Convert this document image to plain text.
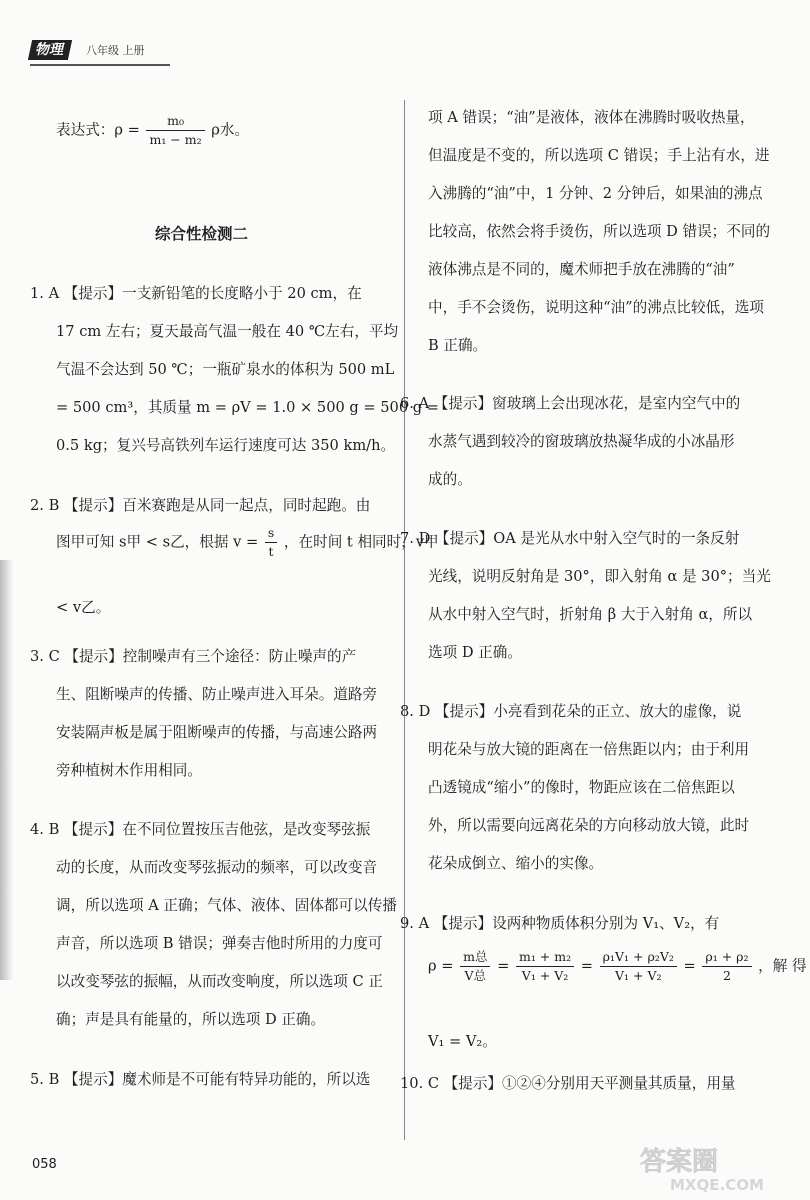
物理	八年级 上册
表达式：$\rho = \frac{\text{m₀}}{\text{m₁ − m₂}}$ ρ水。
综合性检测二
1. A 【提示】一支新铅笔的长度略小于 20 cm，在
17 cm 左右；夏天最高气温一般在 40 ℃左右，平均
气温不会达到 50 ℃；一瓶矿泉水的体积为 500 mL
= 500 cm³，其质量 m = ρV = 1.0 × 500 g = 500 g =
0.5 kg；复兴号高铁列车运行速度可达 350 km/h。
2. B 【提示】百米赛跑是从同一起点，同时起跑。由
图甲可知 s甲 < s乙，根据 $v = \frac{s}{t}$ ，在时间 t 相同时，v甲
< v乙。
3. C 【提示】控制噪声有三个途径：防止噪声的产
生、阻断噪声的传播、防止噪声进入耳朵。道路旁
安装隔声板是属于阻断噪声的传播，与高速公路两
旁种植树木作用相同。
4. B 【提示】在不同位置按压吉他弦，是改变琴弦振
动的长度，从而改变琴弦振动的频率，可以改变音
调，所以选项 A 正确；气体、液体、固体都可以传播
声音，所以选项 B 错误；弹奏吉他时所用的力度可
以改变琴弦的振幅，从而改变响度，所以选项 C 正
确；声是具有能量的，所以选项 D 正确。
5. B 【提示】魔术师是不可能有特异功能的，所以选
项 A 错误；“油”是液体，液体在沸腾时吸收热量，
但温度是不变的，所以选项 C 错误；手上沾有水，进
入沸腾的“油”中，1 分钟、2 分钟后，如果油的沸点
比较高，依然会将手烫伤，所以选项 D 错误；不同的
液体沸点是不同的，魔术师把手放在沸腾的“油”
中，手不会烫伤，说明这种“油”的沸点比较低，选项
B 正确。
6. A 【提示】窗玻璃上会出现冰花，是室内空气中的
水蒸气遇到较冷的窗玻璃放热凝华成的小冰晶形
成的。
7. D 【提示】OA 是光从水中射入空气时的一条反射
光线，说明反射角是 30°，即入射角 α 是 30°；当光
从水中射入空气时，折射角 β 大于入射角 α，所以
选项 D 正确。
8. D 【提示】小亮看到花朵的正立、放大的虚像，说
明花朵与放大镜的距离在一倍焦距以内；由于利用
凸透镜成“缩小”的像时，物距应该在二倍焦距以
外，所以需要向远离花朵的方向移动放大镜，此时
花朵成倒立、缩小的实像。
9. A 【提示】设两种物质体积分别为 V₁、V₂，有
$\rho = \frac{\text{m总}}{\text{V总}} = \frac{\text{m₁ + m₂}}{\text{V₁ + V₂}} = \frac{\text{ρ₁V₁ + ρ₂V₂}}{\text{V₁ + V₂}} = \frac{\text{ρ₁ + ρ₂}}{2}$ ，解 得
V₁ = V₂。
10. C 【提示】①②④分别用天平测量其质量，用量
058	答案圈
MXQE.COM
